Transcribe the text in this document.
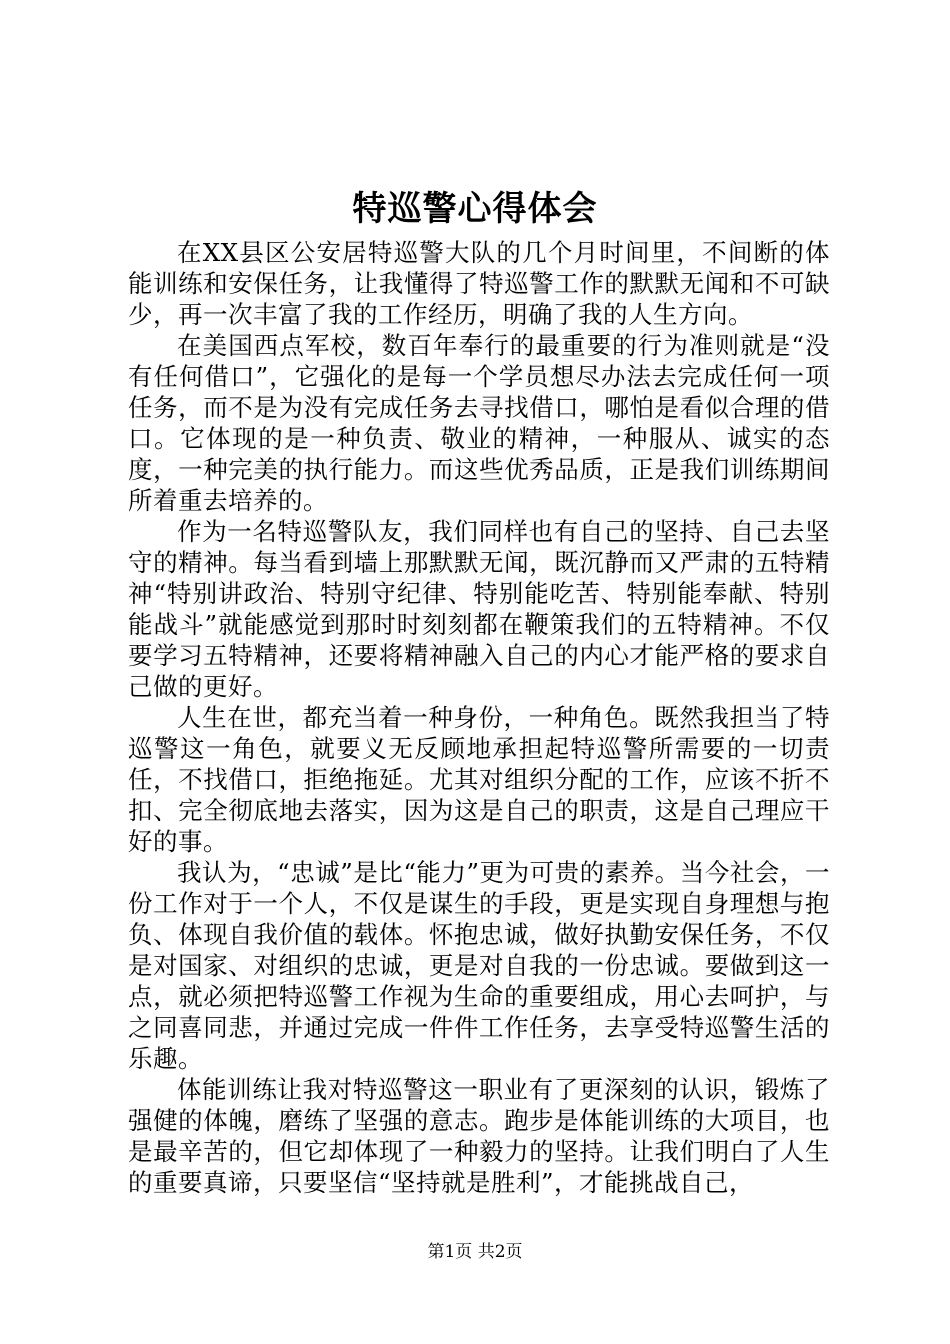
特巡警心得体会

在XX县区公安居特巡警大队的几个月时间里，不间断的体能训练和安保任务，让我懂得了特巡警工作的默默无闻和不可缺少，再一次丰富了我的工作经历，明确了我的人生方向。

在美国西点军校，数百年奉行的最重要的行为准则就是“没有任何借口”，它强化的是每一个学员想尽办法去完成任何一项任务，而不是为没有完成任务去寻找借口，哪怕是看似合理的借口。它体现的是一种负责、敬业的精神，一种服从、诚实的态度，一种完美的执行能力。而这些优秀品质，正是我们训练期间所着重去培养的。

作为一名特巡警队友，我们同样也有自己的坚持、自己去坚守的精神。每当看到墙上那默默无闻，既沉静而又严肃的五特精神“特别讲政治、特别守纪律、特别能吃苦、特别能奉献、特别能战斗”就能感觉到那时时刻刻都在鞭策我们的五特精神。不仅要学习五特精神，还要将精神融入自己的内心才能严格的要求自己做的更好。

人生在世，都充当着一种身份，一种角色。既然我担当了特巡警这一角色，就要义无反顾地承担起特巡警所需要的一切责任，不找借口，拒绝拖延。尤其对组织分配的工作，应该不折不扣、完全彻底地去落实，因为这是自己的职责，这是自己理应干好的事。

我认为，“忠诚”是比“能力”更为可贵的素养。当今社会，一份工作对于一个人，不仅是谋生的手段，更是实现自身理想与抱负、体现自我价值的载体。怀抱忠诚，做好执勤安保任务，不仅是对国家、对组织的忠诚，更是对自我的一份忠诚。要做到这一点，就必须把特巡警工作视为生命的重要组成，用心去呵护，与之同喜同悲，并通过完成一件件工作任务，去享受特巡警生活的乐趣。

体能训练让我对特巡警这一职业有了更深刻的认识，锻炼了强健的体魄，磨练了坚强的意志。跑步是体能训练的大项目，也是最辛苦的，但它却体现了一种毅力的坚持。让我们明白了人生的重要真谛，只要坚信“坚持就是胜利”，才能挑战自己，

第1页 共2页
